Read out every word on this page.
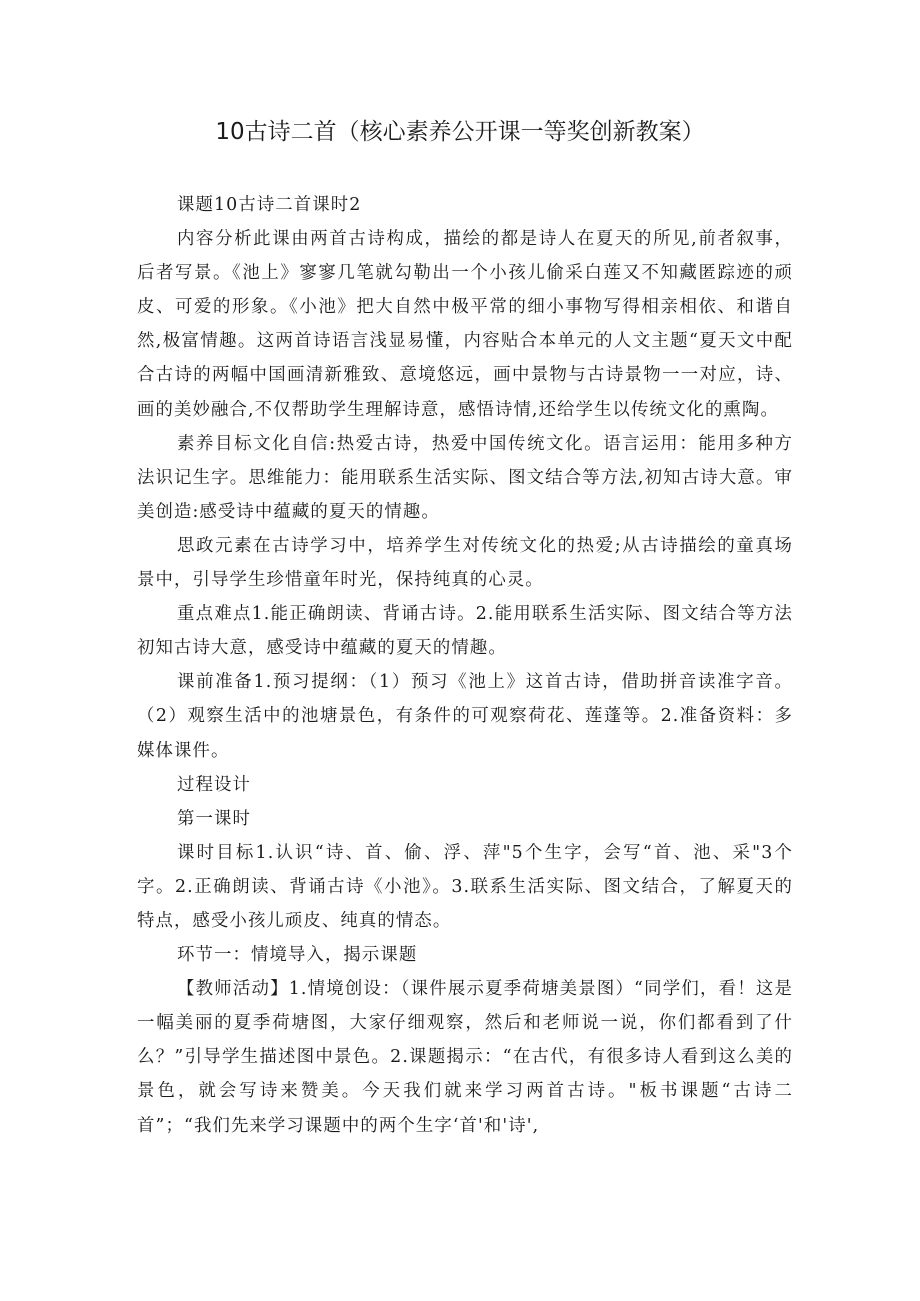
10古诗二首（核心素养公开课一等奖创新教案）

课题10古诗二首课时2

内容分析此课由两首古诗构成，描绘的都是诗人在夏天的所见,前者叙事，后者写景。《池上》寥寥几笔就勾勒出一个小孩儿偷采白莲又不知藏匿踪迹的顽皮、可爱的形象。《小池》把大自然中极平常的细小事物写得相亲相依、和谐自然,极富情趣。这两首诗语言浅显易懂，内容贴合本单元的人文主题“夏天文中配合古诗的两幅中国画清新雅致、意境悠远，画中景物与古诗景物一一对应，诗、画的美妙融合,不仅帮助学生理解诗意，感悟诗情,还给学生以传统文化的熏陶。

素养目标文化自信:热爱古诗，热爱中国传统文化。语言运用：能用多种方法识记生字。思维能力：能用联系生活实际、图文结合等方法,初知古诗大意。审美创造:感受诗中蕴藏的夏天的情趣。

思政元素在古诗学习中，培养学生对传统文化的热爱;从古诗描绘的童真场景中，引导学生珍惜童年时光，保持纯真的心灵。

重点难点1.能正确朗读、背诵古诗。2.能用联系生活实际、图文结合等方法初知古诗大意，感受诗中蕴藏的夏天的情趣。

课前准备1.预习提纲：（1）预习《池上》这首古诗，借助拼音读准字音。（2）观察生活中的池塘景色，有条件的可观察荷花、莲蓬等。2.准备资料：多媒体课件。

过程设计

第一课时

课时目标1.认识“诗、首、偷、浮、萍"5个生字，会写“首、池、采"3个字。2.正确朗读、背诵古诗《小池》。3.联系生活实际、图文结合，了解夏天的特点，感受小孩儿顽皮、纯真的情态。

环节一：情境导入，揭示课题

【教师活动】1.情境创设：（课件展示夏季荷塘美景图）“同学们，看！这是一幅美丽的夏季荷塘图，大家仔细观察，然后和老师说一说，你们都看到了什么？”引导学生描述图中景色。2.课题揭示：“在古代，有很多诗人看到这么美的景色，就会写诗来赞美。今天我们就来学习两首古诗。"板书课题“古诗二首”；“我们先来学习课题中的两个生字‘首'和'诗',
